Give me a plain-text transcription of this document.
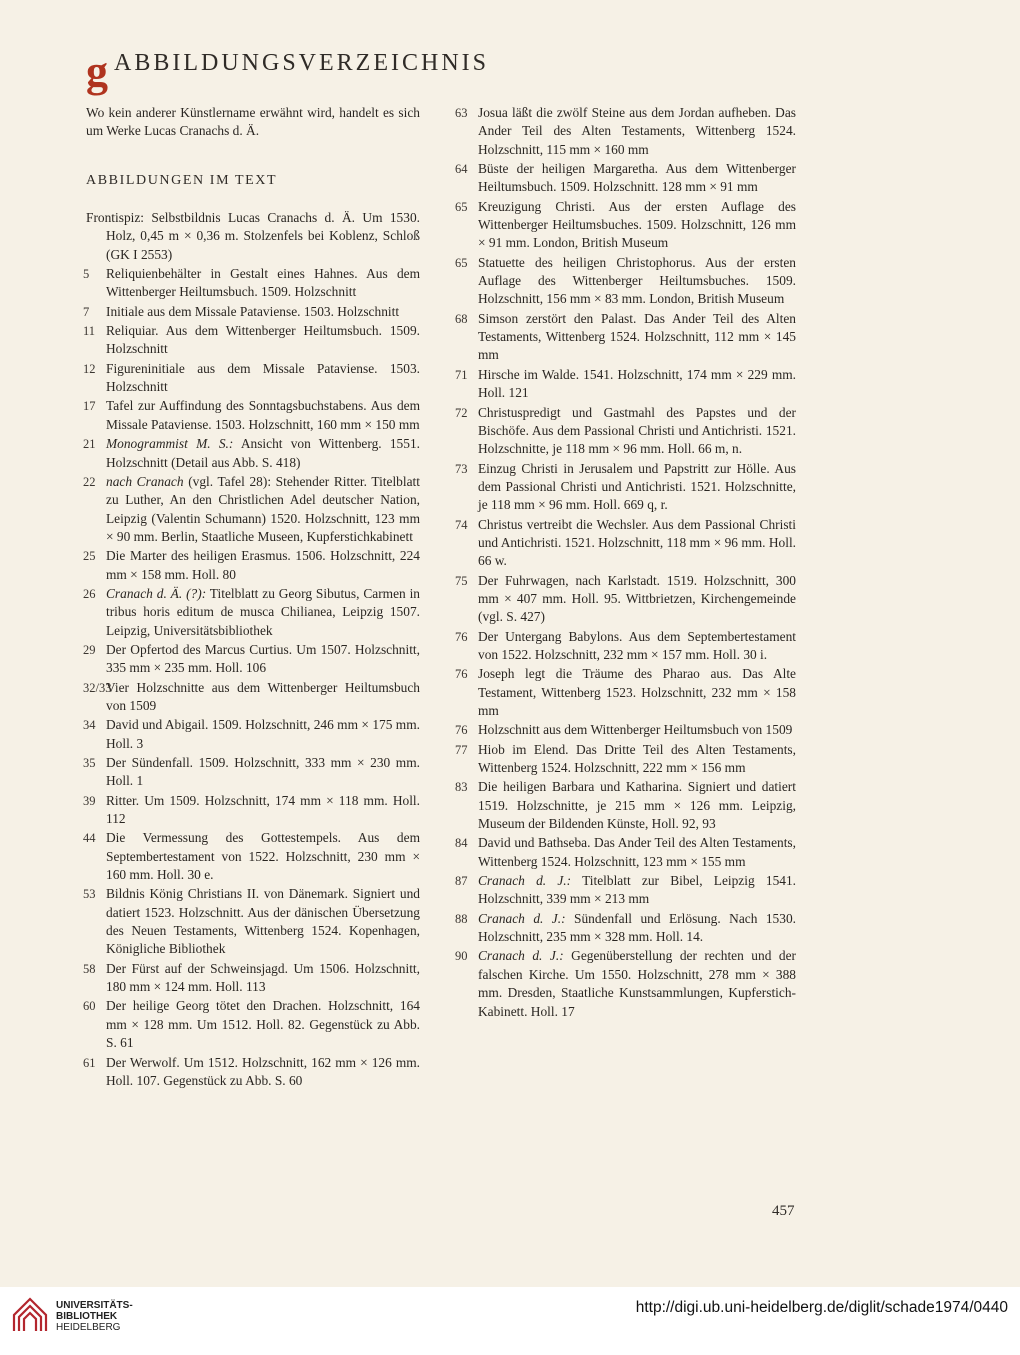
g ABBILDUNGSVERZEICHNIS

Wo kein anderer Künstlername erwähnt wird, handelt es sich um Werke Lucas Cranachs d. Ä.

ABBILDUNGEN IM TEXT

Frontispiz: Selbstbildnis Lucas Cranachs d. Ä. Um 1530. Holz, 0,45 m × 0,36 m. Stolzenfels bei Koblenz, Schloß (GK I 2553)

5	Reliquienbehälter in Gestalt eines Hahnes. Aus dem Wittenberger Heiltumsbuch. 1509. Holzschnitt

7	Initiale aus dem Missale Pataviense. 1503. Holzschnitt

11 Reliquiar. Aus dem Wittenberger Heiltumsbuch. 1509. Holzschnitt

12 Figureninitiale aus dem Missale Pataviense. 1503. Holzschnitt

17 Tafel zur Auffindung des Sonntagsbuchstabens. Aus dem Missale Pataviense. 1503. Holzschnitt, 160 mm × 150 mm

21 Monogrammist M. S.: Ansicht von Wittenberg. 1551. Holzschnitt (Detail aus Abb. S. 418)

22 nach Cranach (vgl. Tafel 28): Stehender Ritter. Titelblatt zu Luther, An den Christlichen Adel deutscher Nation, Leipzig (Valentin Schumann) 1520. Holzschnitt, 123 mm × 90 mm. Berlin, Staatliche Museen, Kupferstichkabinett

25 Die Marter des heiligen Erasmus. 1506. Holzschnitt, 224 mm × 158 mm. Holl. 80

26 Cranach d. Ä. (?): Titelblatt zu Georg Sibutus, Carmen in tribus horis editum de musca Chilianea, Leipzig 1507. Leipzig, Universitätsbibliothek

29 Der Opfertod des Marcus Curtius. Um 1507. Holzschnitt, 335 mm × 235 mm. Holl. 106

32/33
Vier Holzschnitte aus dem Wittenberger Heiltumsbuch von 1509

34 David und Abigail. 1509. Holzschnitt, 246 mm × 175 mm. Holl. 3

35 Der Sündenfall. 1509. Holzschnitt, 333 mm × 230 mm. Holl. 1

39 Ritter. Um 1509. Holzschnitt, 174 mm × 118 mm. Holl. 112

44 Die Vermessung des Gottestempels. Aus dem Septembertestament von 1522. Holzschnitt, 230 mm × 160 mm. Holl. 30 e.

53 Bildnis König Christians II. von Dänemark. Signiert und datiert 1523. Holzschnitt. Aus der dänischen Übersetzung des Neuen Testaments, Wittenberg 1524. Kopenhagen, Königliche Bibliothek

58 Der Fürst auf der Schweinsjagd. Um 1506. Holzschnitt, 180 mm × 124 mm. Holl. 113

60 Der heilige Georg tötet den Drachen. Holzschnitt, 164 mm × 128 mm. Um 1512. Holl. 82. Gegenstück zu Abb. S. 61

61 Der Werwolf. Um 1512. Holzschnitt, 162 mm × 126 mm. Holl. 107. Gegenstück zu Abb. S. 60

63 Josua läßt die zwölf Steine aus dem Jordan aufheben. Das Ander Teil des Alten Testaments, Wittenberg 1524. Holzschnitt, 115 mm × 160 mm

64 Büste der heiligen Margaretha. Aus dem Wittenberger Heiltumsbuch. 1509. Holzschnitt. 128 mm × 91 mm

65 Kreuzigung Christi. Aus der ersten Auflage des Wittenberger Heiltumsbuches. 1509. Holzschnitt, 126 mm × 91 mm. London, British Museum

65 Statuette des heiligen Christophorus. Aus der ersten Auflage des Wittenberger Heiltumsbuches. 1509. Holzschnitt, 156 mm × 83 mm. London, British Museum

68 Simson zerstört den Palast. Das Ander Teil des Alten Testaments, Wittenberg 1524. Holzschnitt, 112 mm × 145 mm

71 Hirsche im Walde. 1541. Holzschnitt, 174 mm × 229 mm. Holl. 121

72 Christuspredigt und Gastmahl des Papstes und der Bischöfe. Aus dem Passional Christi und Antichristi. 1521. Holzschnitte, je 118 mm × 96 mm. Holl. 66 m, n.

73 Einzug Christi in Jerusalem und Papstritt zur Hölle. Aus dem Passional Christi und Antichristi. 1521. Holzschnitte, je 118 mm × 96 mm. Holl. 669 q, r.

74 Christus vertreibt die Wechsler. Aus dem Passional Christi und Antichristi. 1521. Holzschnitt, 118 mm × 96 mm. Holl. 66 w.

75 Der Fuhrwagen, nach Karlstadt. 1519. Holzschnitt, 300 mm × 407 mm. Holl. 95. Wittbrietzen, Kirchengemeinde (vgl. S. 427)

76 Der Untergang Babylons. Aus dem Septembertestament von 1522. Holzschnitt, 232 mm × 157 mm. Holl. 30 i.

76 Joseph legt die Träume des Pharao aus. Das Alte Testament, Wittenberg 1523. Holzschnitt, 232 mm × 158 mm

76 Holzschnitt aus dem Wittenberger Heiltumsbuch von 1509

77 Hiob im Elend. Das Dritte Teil des Alten Testaments, Wittenberg 1524. Holzschnitt, 222 mm × 156 mm

83 Die heiligen Barbara und Katharina. Signiert und datiert 1519. Holzschnitte, je 215 mm × 126 mm. Leipzig, Museum der Bildenden Künste, Holl. 92, 93

84 David und Bathseba. Das Ander Teil des Alten Testaments, Wittenberg 1524. Holzschnitt, 123 mm × 155 mm

87 Cranach d. J.: Titelblatt zur Bibel, Leipzig 1541. Holzschnitt, 339 mm × 213 mm

88 Cranach d. J.: Sündenfall und Erlösung. Nach 1530. Holzschnitt, 235 mm × 328 mm. Holl. 14.

90 Cranach d. J.: Gegenüberstellung der rechten und der falschen Kirche. Um 1550. Holzschnitt, 278 mm × 388 mm. Dresden, Staatliche Kunstsammlungen, Kupferstich-Kabinett. Holl. 17

457
UNIVERSITÄTS-
BIBLIOTHEK
HEIDELBERG
http://digi.ub.uni-heidelberg.de/diglit/schade1974/0440
